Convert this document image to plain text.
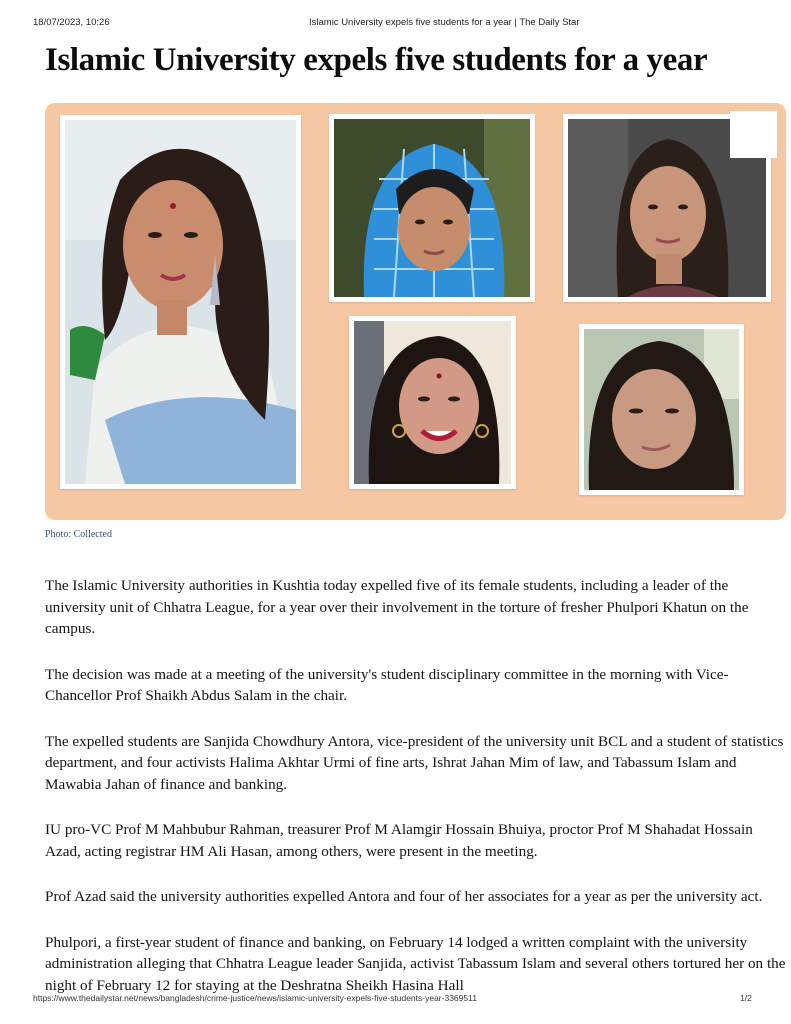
18/07/2023, 10:26	Islamic University expels five students for a year | The Daily Star
Islamic University expels five students for a year
Photo: Collected

The Islamic University authorities in Kushtia today expelled five of its female students, including a leader of the university unit of Chhatra League, for a year over their involvement in the torture of fresher Phulpori Khatun on the campus.

The decision was made at a meeting of the university's student disciplinary committee in the morning with Vice-Chancellor Prof Shaikh Abdus Salam in the chair.

The expelled students are Sanjida Chowdhury Antora, vice-president of the university unit BCL and a student of statistics department, and four activists Halima Akhtar Urmi of fine arts, Ishrat Jahan Mim of law, and Tabassum Islam and Mawabia Jahan of finance and banking.

IU pro-VC Prof M Mahbubur Rahman, treasurer Prof M Alamgir Hossain Bhuiya, proctor Prof M Shahadat Hossain Azad, acting registrar HM Ali Hasan, among others, were present in the meeting.

Prof Azad said the university authorities expelled Antora and four of her associates for a year as per the university act.

Phulpori, a first-year student of finance and banking, on February 14 lodged a written complaint with the university administration alleging that Chhatra League leader Sanjida, activist Tabassum Islam and several others tortured her on the night of February 12 for staying at the Deshratna Sheikh Hasina Hall

https://www.thedailystar.net/news/bangladesh/crime-justice/news/islamic-university-expels-five-students-year-3369511	1/2
